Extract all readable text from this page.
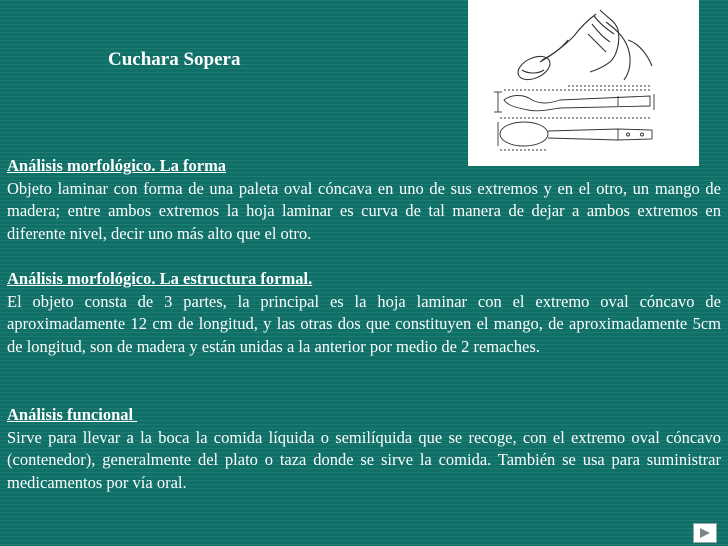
Cuchara Sopera
Análisis morfológico. La forma
Objeto laminar con forma de una paleta oval cóncava en uno de sus extremos y en el otro, un mango de madera; entre ambos extremos la hoja laminar es curva de tal manera de dejar a ambos extremos en diferente nivel, decir uno más alto que el otro.
Análisis morfológico. La estructura formal.
El objeto consta de 3 partes, la principal es la hoja laminar con el extremo oval cóncavo de aproximadamente 12 cm de longitud, y las otras dos que constituyen el mango, de aproximadamente 5cm de longitud, son de madera y están unidas a la anterior por medio de 2 remaches.
Análisis funcional
Sirve para llevar a la boca la comida líquida o semilíquida que se recoge, con el extremo oval cóncavo (contenedor), generalmente del plato o taza donde se sirve la comida. También se usa para suministrar medicamentos por vía oral.
